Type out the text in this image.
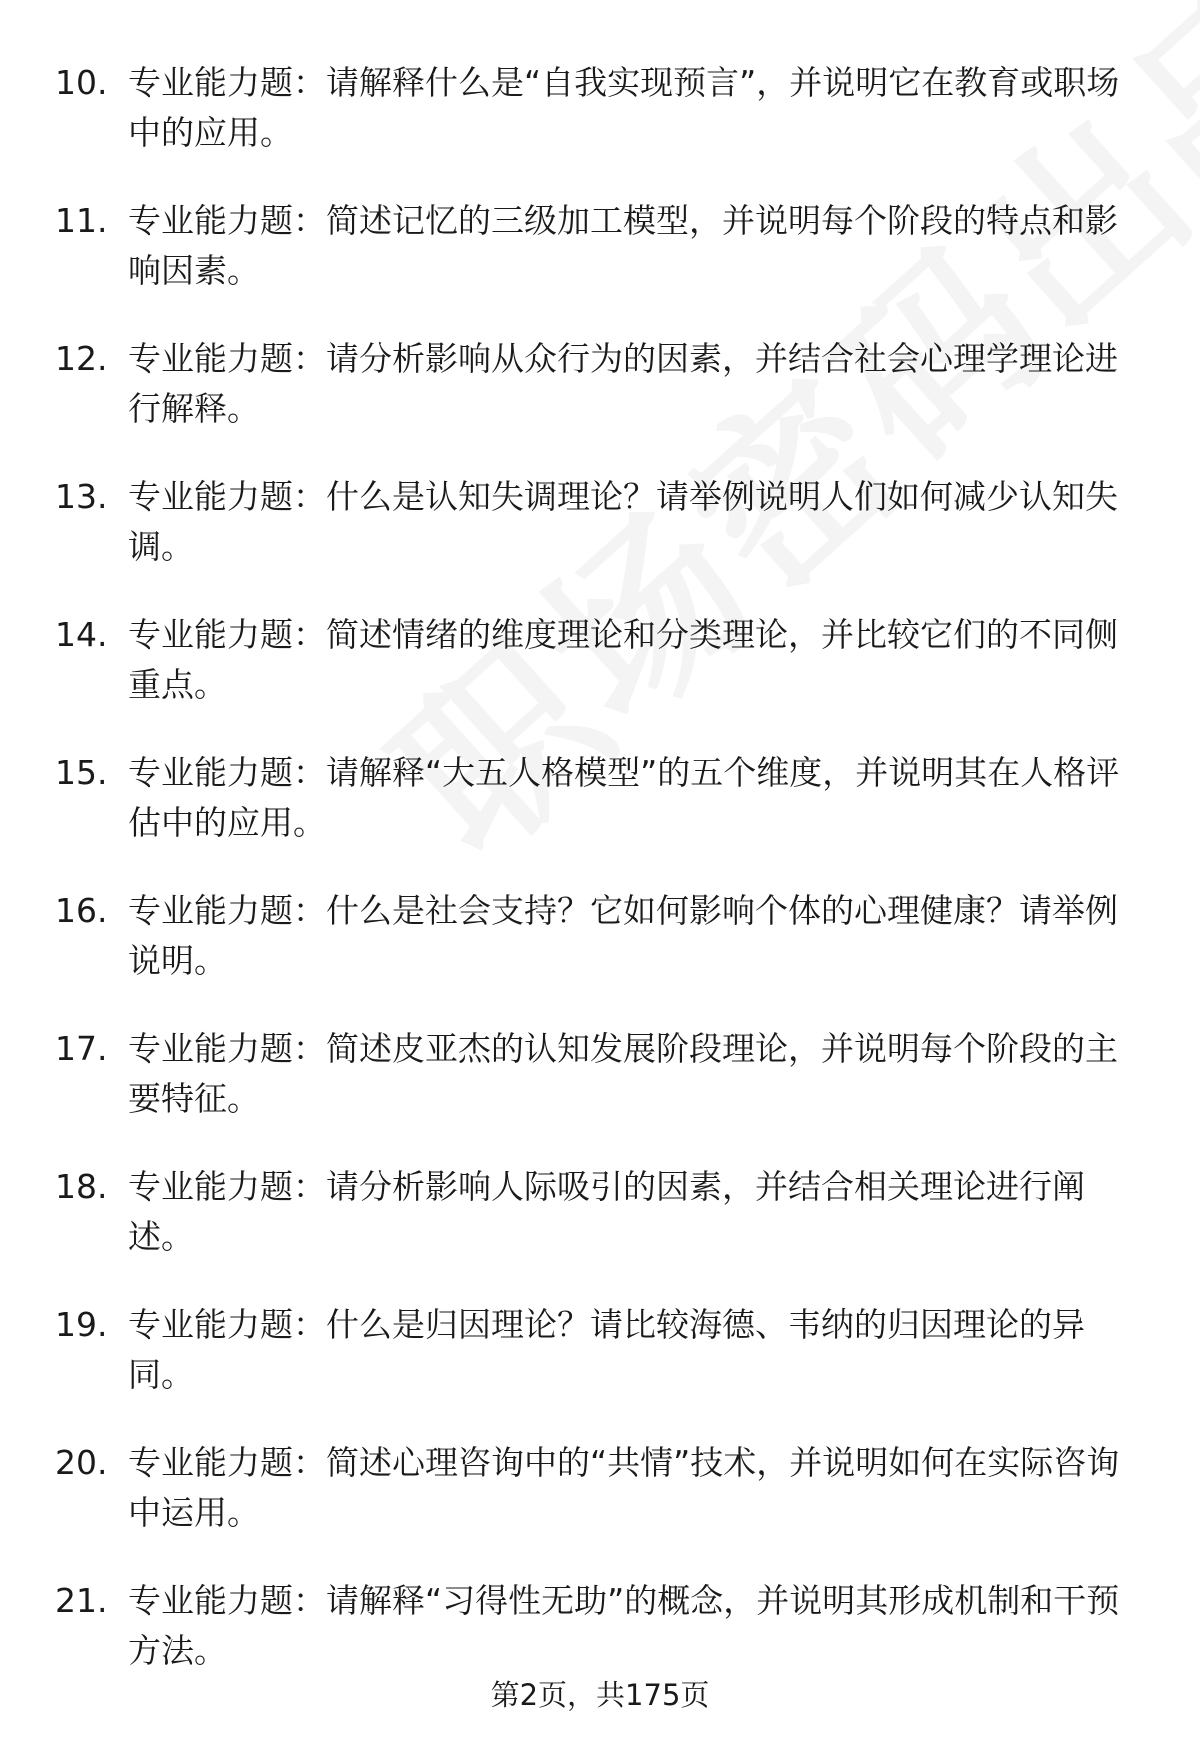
10. 专业能力题：请解释什么是“自我实现预言”，并说明它在教育或职场中的应用。
11. 专业能力题：简述记忆的三级加工模型，并说明每个阶段的特点和影响因素。
12. 专业能力题：请分析影响从众行为的因素，并结合社会心理学理论进行解释。
13. 专业能力题：什么是认知失调理论？请举例说明人们如何减少认知失调。
14. 专业能力题：简述情绪的维度理论和分类理论，并比较它们的不同侧重点。
15. 专业能力题：请解释“大五人格模型”的五个维度，并说明其在人格评估中的应用。
16. 专业能力题：什么是社会支持？它如何影响个体的心理健康？请举例说明。
17. 专业能力题：简述皮亚杰的认知发展阶段理论，并说明每个阶段的主要特征。
18. 专业能力题：请分析影响人际吸引的因素，并结合相关理论进行阐述。
19. 专业能力题：什么是归因理论？请比较海德、韦纳的归因理论的异同。
20. 专业能力题：简述心理咨询中的“共情”技术，并说明如何在实际咨询中运用。
21. 专业能力题：请解释“习得性无助”的概念，并说明其形成机制和干预方法。
第2页，共175页
